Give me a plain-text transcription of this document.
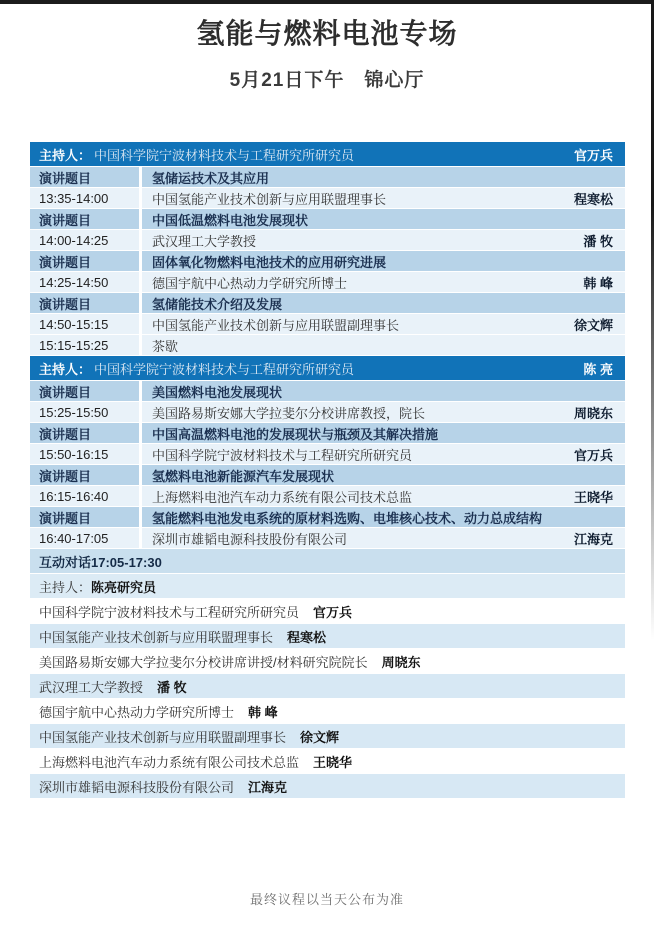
氢能与燃料电池专场
5月21日下午　锦心厅
主持人： 中国科学院宁波材料技术与工程研究所研究员	官万兵
演讲题目	氢储运技术及其应用
13:35-14:00	中国氢能产业技术创新与应用联盟理事长	程寒松
演讲题目	中国低温燃料电池发展现状
14:00-14:25	武汉理工大学教授	潘 牧
演讲题目	固体氧化物燃料电池技术的应用研究进展
14:25-14:50	德国宇航中心热动力学研究所博士	韩 峰
演讲题目	氢储能技术介绍及发展
14:50-15:15	中国氢能产业技术创新与应用联盟副理事长	徐文辉
15:15-15:25	茶歇
主持人： 中国科学院宁波材料技术与工程研究所研究员	陈 亮
演讲题目	美国燃料电池发展现状
15:25-15:50	美国路易斯安娜大学拉斐尔分校讲席教授，院长	周晓东
演讲题目	中国高温燃料电池的发展现状与瓶颈及其解决措施
15:50-16:15	中国科学院宁波材料技术与工程研究所研究员	官万兵
演讲题目	氢燃料电池新能源汽车发展现状
16:15-16:40	上海燃料电池汽车动力系统有限公司技术总监	王晓华
演讲题目	氢能燃料电池发电系统的原材料选购、电堆核心技术、动力总成结构
16:40-17:05	深圳市雄韬电源科技股份有限公司	江海克
互动对话17:05-17:30
主持人： 陈亮研究员
中国科学院宁波材料技术与工程研究所研究员 官万兵
中国氢能产业技术创新与应用联盟理事长 程寒松
美国路易斯安娜大学拉斐尔分校讲席讲授/材料研究院院长 周晓东
武汉理工大学教授 潘 牧
德国宇航中心热动力学研究所博士 韩 峰
中国氢能产业技术创新与应用联盟副理事长 徐文辉
上海燃料电池汽车动力系统有限公司技术总监 王晓华
深圳市雄韬电源科技股份有限公司 江海克
最终议程以当天公布为准
